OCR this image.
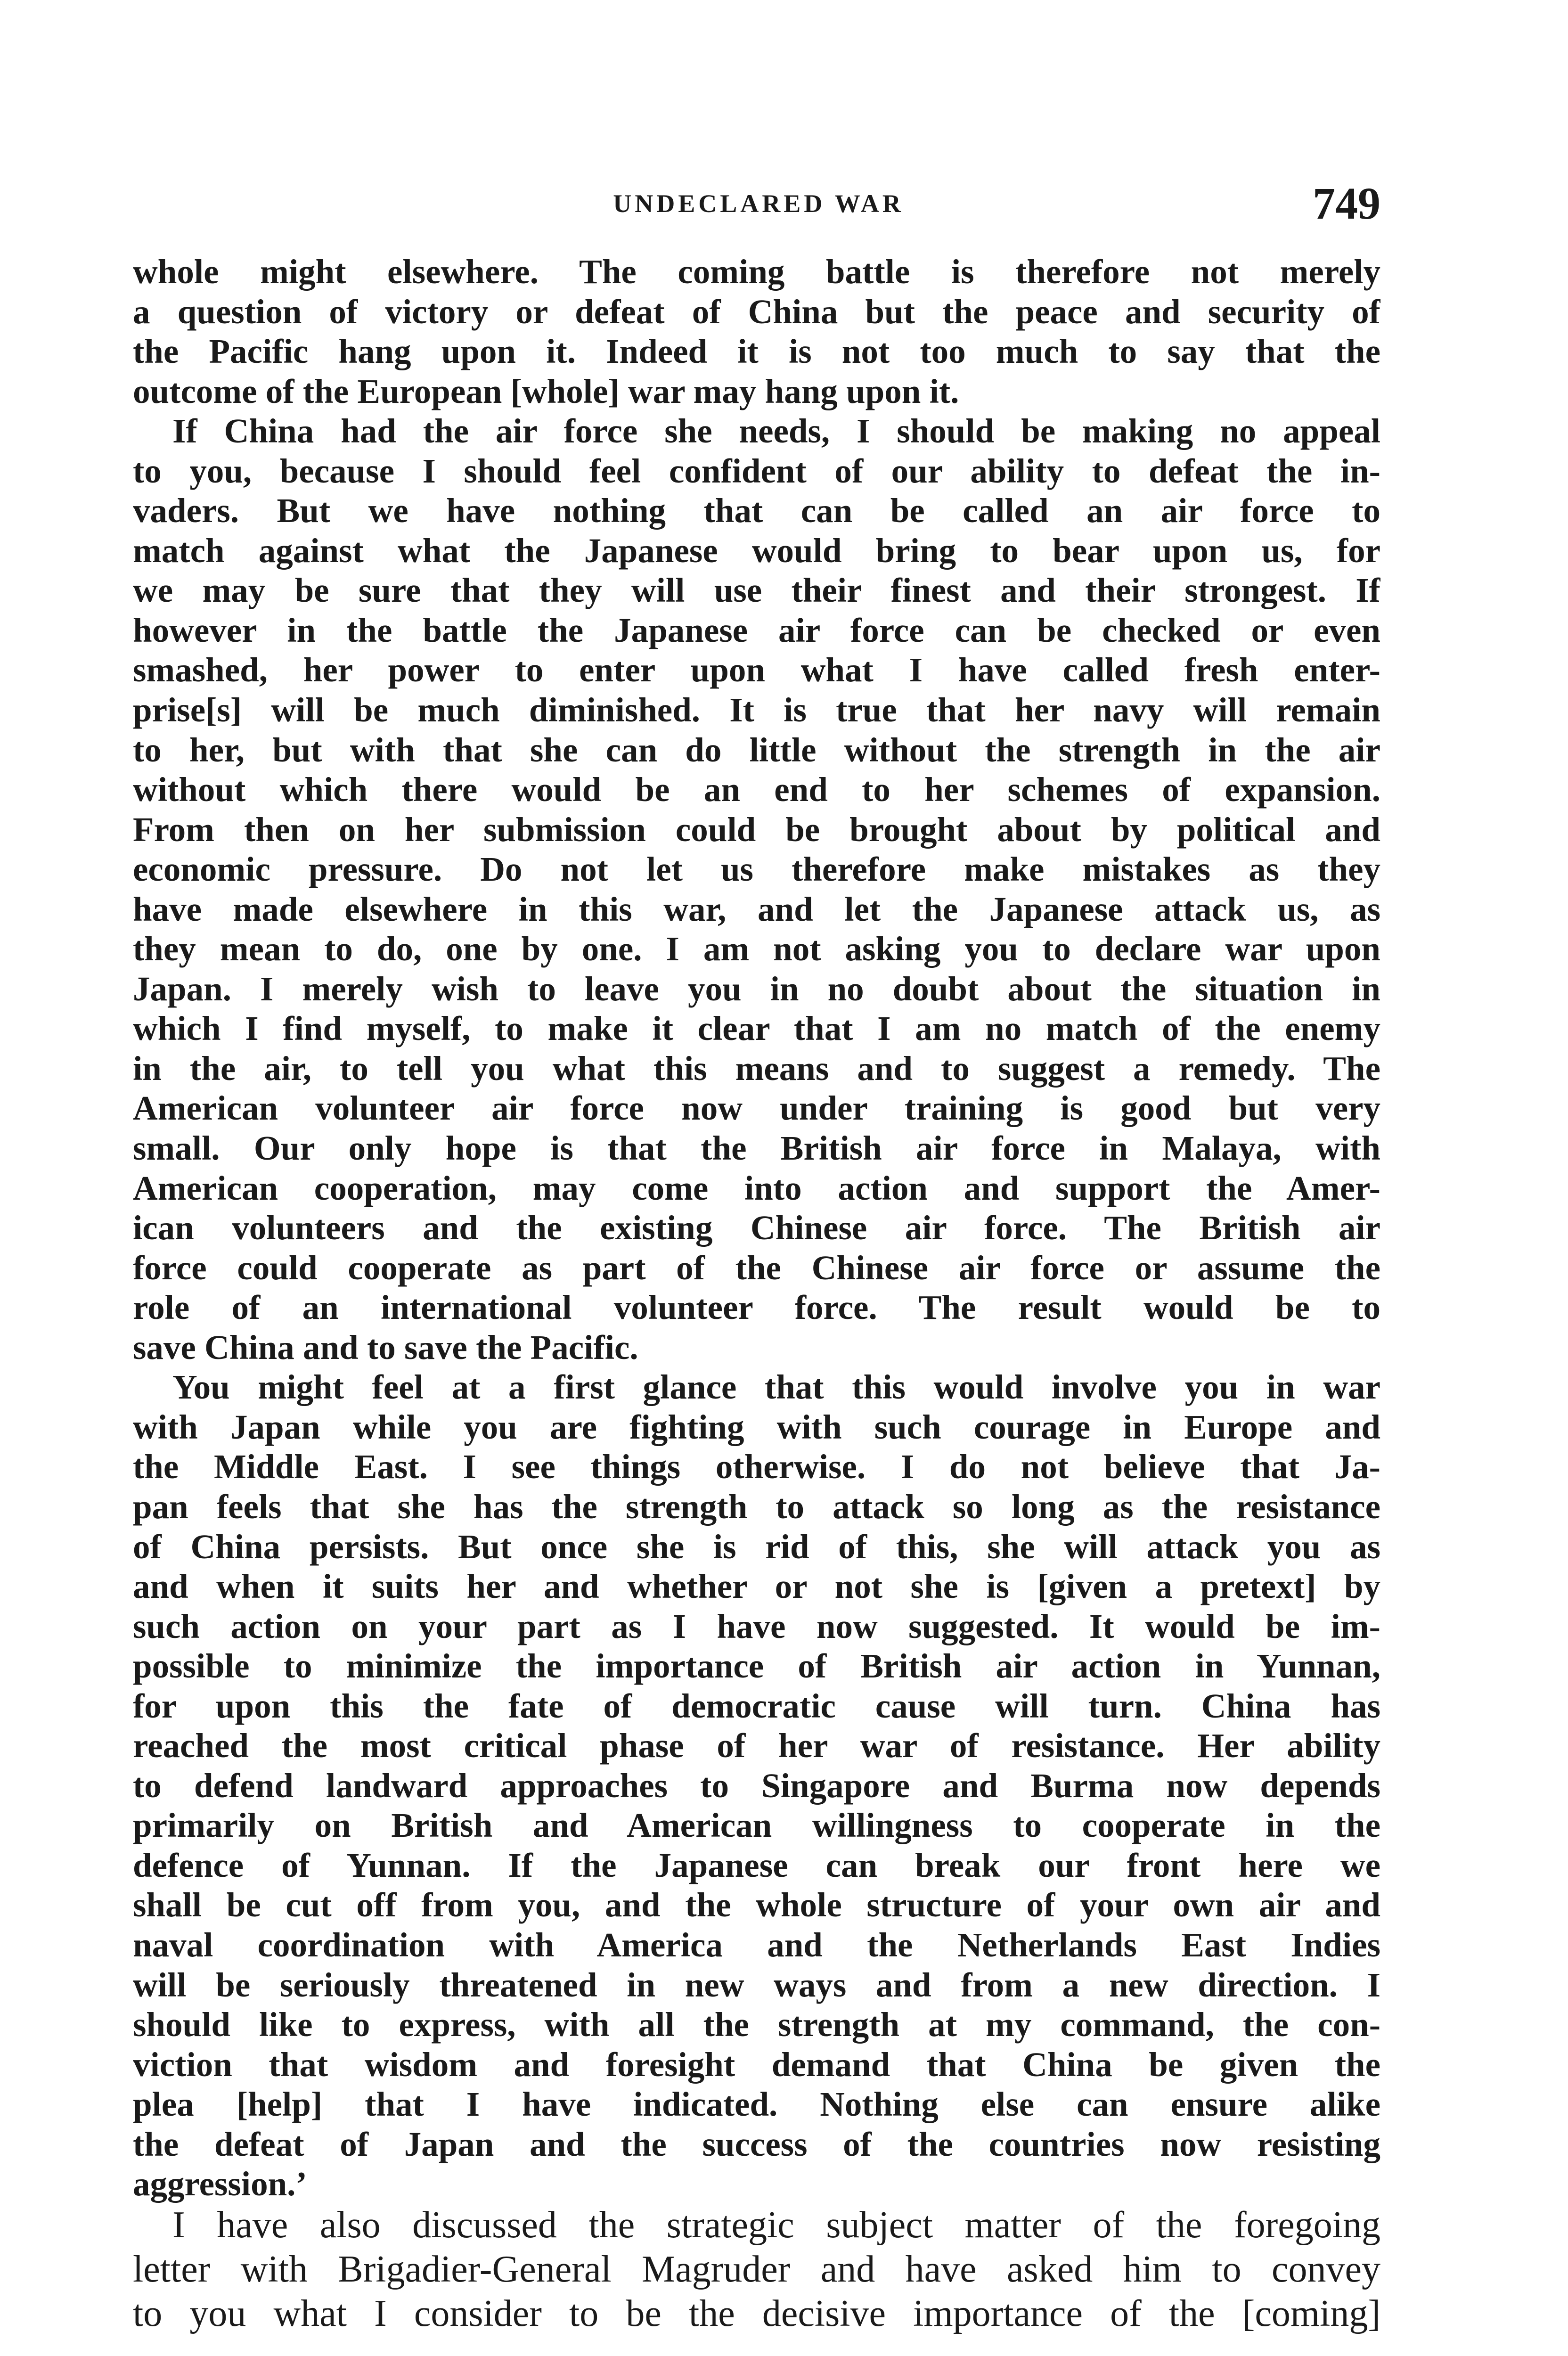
UNDECLARED WAR	749
whole might elsewhere. The coming battle is therefore not merely
a question of victory or defeat of China but the peace and security of
the Pacific hang upon it. Indeed it is not too much to say that the
outcome of the European [whole] war may hang upon it.
If China had the air force she needs, I should be making no appeal
to you, because I should feel confident of our ability to defeat the in-
vaders. But we have nothing that can be called an air force to
match against what the Japanese would bring to bear upon us, for
we may be sure that they will use their finest and their strongest. If
however in the battle the Japanese air force can be checked or even
smashed, her power to enter upon what I have called fresh enter-
prise[s] will be much diminished. It is true that her navy will remain
to her, but with that she can do little without the strength in the air
without which there would be an end to her schemes of expansion.
From then on her submission could be brought about by political and
economic pressure. Do not let us therefore make mistakes as they
have made elsewhere in this war, and let the Japanese attack us, as
they mean to do, one by one. I am not asking you to declare war upon
Japan. I merely wish to leave you in no doubt about the situation in
which I find myself, to make it clear that I am no match of the enemy
in the air, to tell you what this means and to suggest a remedy. The
American volunteer air force now under training is good but very
small. Our only hope is that the British air force in Malaya, with
American cooperation, may come into action and support the Amer-
ican volunteers and the existing Chinese air force. The British air
force could cooperate as part of the Chinese air force or assume the
role of an international volunteer force. The result would be to
save China and to save the Pacific.
You might feel at a first glance that this would involve you in war
with Japan while you are fighting with such courage in Europe and
the Middle East. I see things otherwise. I do not believe that Ja-
pan feels that she has the strength to attack so long as the resistance
of China persists. But once she is rid of this, she will attack you as
and when it suits her and whether or not she is [given a pretext] by
such action on your part as I have now suggested. It would be im-
possible to minimize the importance of British air action in Yunnan,
for upon this the fate of democratic cause will turn. China has
reached the most critical phase of her war of resistance. Her ability
to defend landward approaches to Singapore and Burma now depends
primarily on British and American willingness to cooperate in the
defence of Yunnan. If the Japanese can break our front here we
shall be cut off from you, and the whole structure of your own air and
naval coordination with America and the Netherlands East Indies
will be seriously threatened in new ways and from a new direction. I
should like to express, with all the strength at my command, the con-
viction that wisdom and foresight demand that China be given the
plea [help] that I have indicated. Nothing else can ensure alike
the defeat of Japan and the success of the countries now resisting
aggression.’
I have also discussed the strategic subject matter of the foregoing
letter with Brigadier-General Magruder and have asked him to convey
to you what I consider to be the decisive importance of the [coming]
